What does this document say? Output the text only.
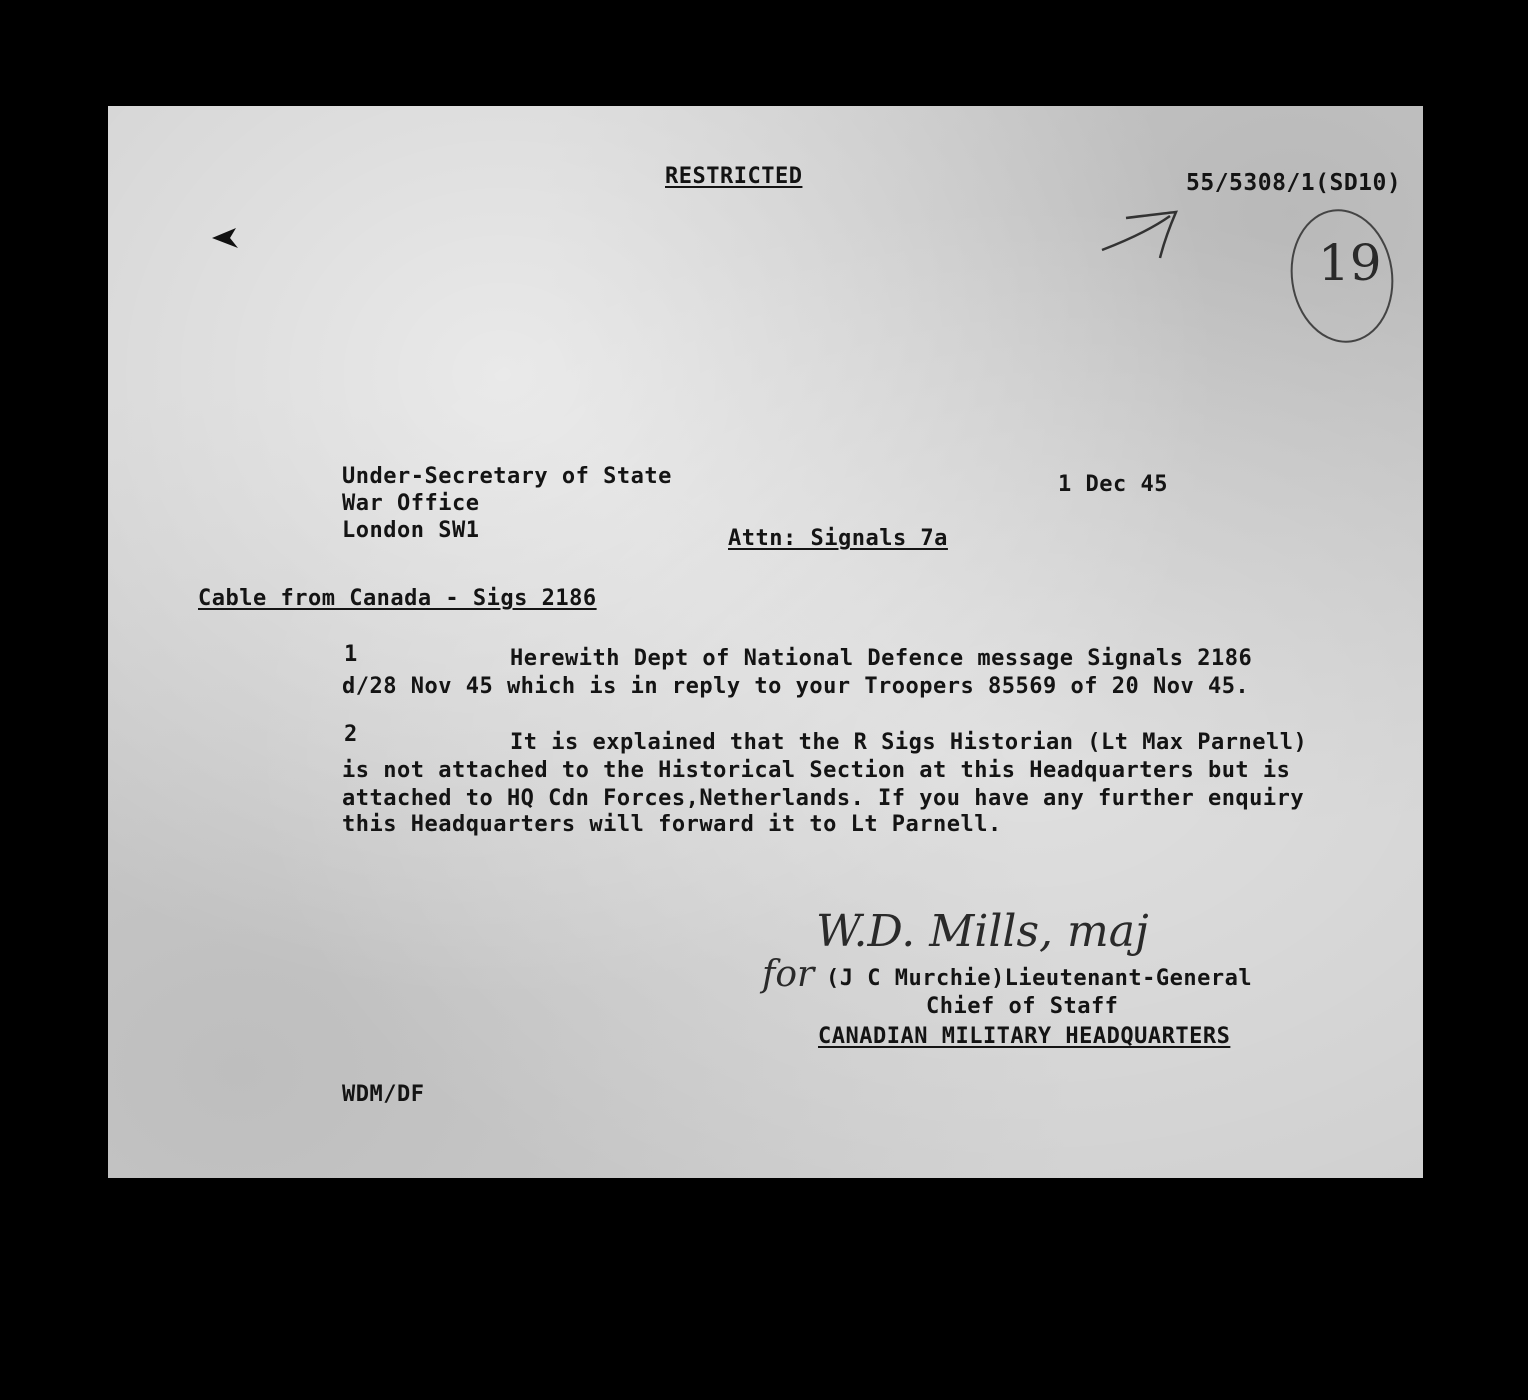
RESTRICTED	55/5308/1(SD10)
19
Under-Secretary of State
War Office
London SW1
1 Dec 45
Attn: Signals 7a
Cable from Canada - Sigs 2186
1	Herewith Dept of National Defence message Signals 2186
d/28 Nov 45 which is in reply to your Troopers 85569 of 20 Nov 45.
2	It is explained that the R Sigs Historian (Lt Max Parnell)
is not attached to the Historical Section at this Headquarters but is
attached to HQ Cdn Forces,Netherlands. If you have any further enquiry
this Headquarters will forward it to Lt Parnell.
W.D. Mills, maj
for (J C Murchie)Lieutenant-General
Chief of Staff
CANADIAN MILITARY HEADQUARTERS
WDM/DF
